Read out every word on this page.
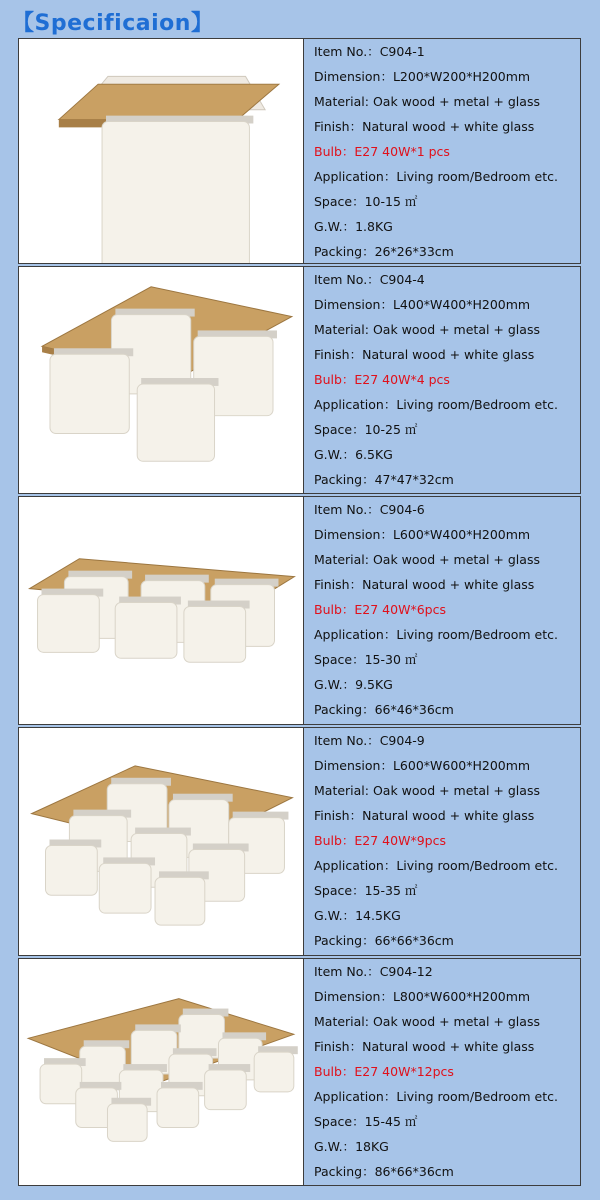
【Specificaion】
Item No.：C904-1
Dimension：L200*W200*H200mm
Material: Oak wood + metal + glass
Finish：Natural wood + white glass
Bulb：E27 40W*1 pcs
Application：Living room/Bedroom etc.
Space：10-15 ㎡
G.W.：1.8KG
Packing：26*26*33cm
Item No.：C904-4
Dimension：L400*W400*H200mm
Material: Oak wood + metal + glass
Finish：Natural wood + white glass
Bulb：E27 40W*4 pcs
Application：Living room/Bedroom etc.
Space：10-25 ㎡
G.W.：6.5KG
Packing：47*47*32cm
Item No.：C904-6
Dimension：L600*W400*H200mm
Material: Oak wood + metal + glass
Finish：Natural wood + white glass
Bulb：E27 40W*6pcs
Application：Living room/Bedroom etc.
Space：15-30 ㎡
G.W.：9.5KG
Packing：66*46*36cm
Item No.：C904-9
Dimension：L600*W600*H200mm
Material: Oak wood + metal + glass
Finish：Natural wood + white glass
Bulb：E27 40W*9pcs
Application：Living room/Bedroom etc.
Space：15-35 ㎡
G.W.：14.5KG
Packing：66*66*36cm
Item No.：C904-12
Dimension：L800*W600*H200mm
Material: Oak wood + metal + glass
Finish：Natural wood + white glass
Bulb：E27 40W*12pcs
Application：Living room/Bedroom etc.
Space：15-45 ㎡
G.W.：18KG
Packing：86*66*36cm
